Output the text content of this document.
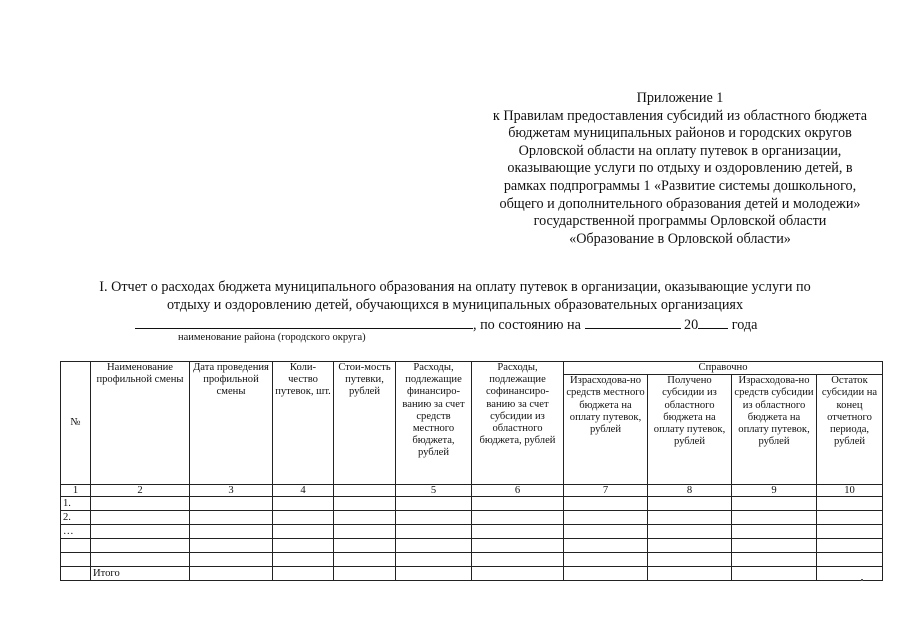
Приложение 1
к Правилам предоставления субсидий из областного бюджета
бюджетам муниципальных районов и городских округов
Орловской области на оплату путевок в организации,
оказывающие услуги по отдыху и оздоровлению детей, в
рамках подпрограммы 1 «Развитие системы дошкольного,
общего и дополнительного образования детей и молодежи»
государственной программы Орловской области
«Образование в Орловской области»
I. Отчет о расходах бюджета муниципального образования на оплату путевок в организации, оказывающие услуги по
отдыху и оздоровлению детей, обучающихся в муниципальных образовательных организациях
, по состоянию на	20 года
наименование района (городского округа)
№	Наименование профильной смены	Дата проведения профильной смены	Коли-чество путевок, шт.	Стои-мость путевки, рублей	Расходы, подлежащие финансиро-ванию за счет средств местного бюджета, рублей	Расходы, подлежащие софинансиро-ванию за счет субсидии из областного бюджета, рублей	Справочно			
							Израсходова-но средств местного бюджета на оплату путевок, рублей	Получено субсидии из областного бюджета на оплату путевок, рублей	Израсходова-но средств субсидии из областного бюджета на оплату путевок, рублей	Остаток субсидии на конец отчетного периода, рублей
1	2	3	4		5	6	7	8	9	10
1.										
2.										
…										

	Итого									
